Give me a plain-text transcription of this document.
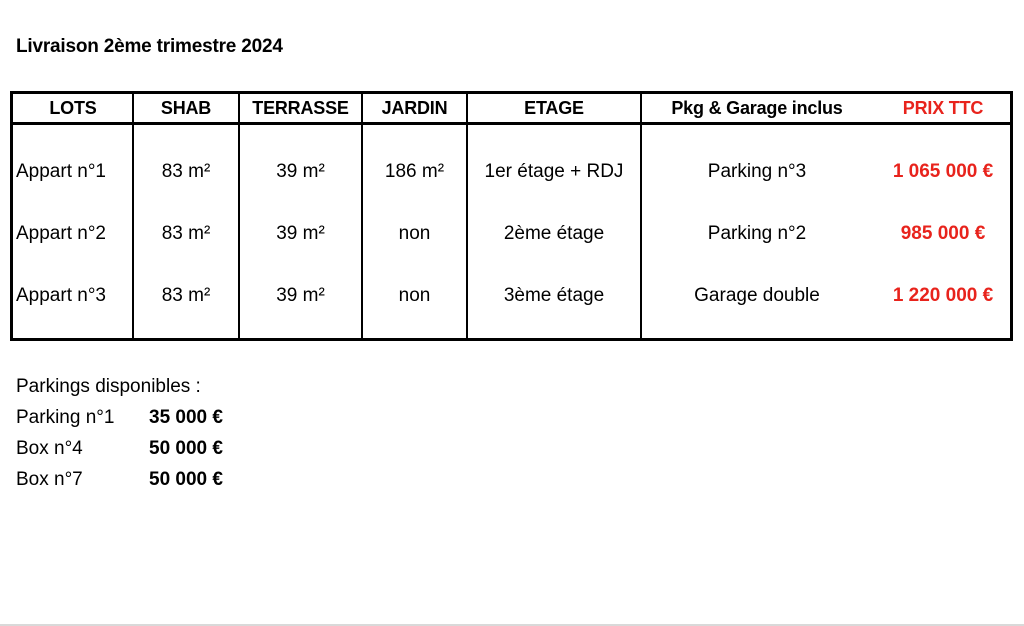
Livraison 2ème trimestre 2024
LOTS	SHAB	TERRASSE	JARDIN	ETAGE	Pkg & Garage inclus	PRIX TTC
Appart n°1	83 m²	39 m²	186 m²	1er étage + RDJ	Parking n°3	1 065 000 €
Appart n°2	83 m²	39 m²	non	2ème étage	Parking n°2	985 000 €
Appart n°3	83 m²	39 m²	non	3ème étage	Garage double	1 220 000 €
Parkings disponibles :
Parking n°1 35 000 €
Box n°4	50 000 €
Box n°7	50 000 €
